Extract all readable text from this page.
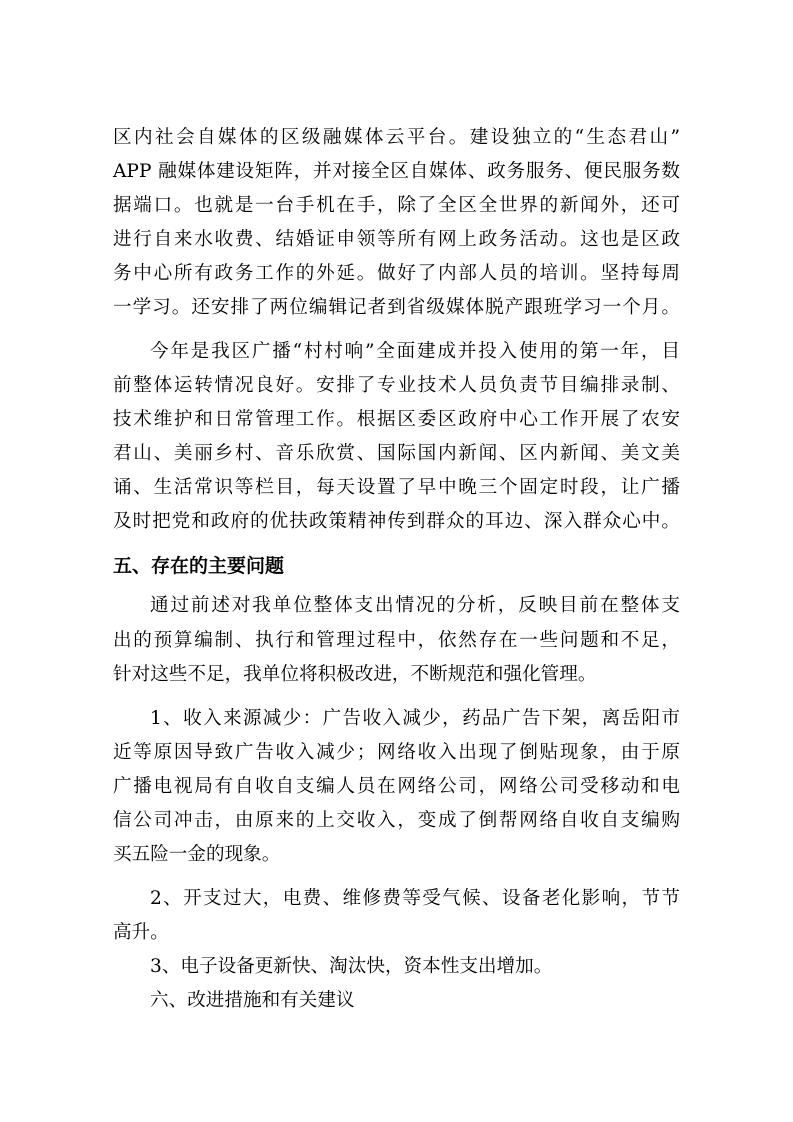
区内社会自媒体的区级融媒体云平台。建设独立的“生态君山”
APP 融媒体建设矩阵，并对接全区自媒体、政务服务、便民服务数
据端口。也就是一台手机在手，除了全区全世界的新闻外，还可
进行自来水收费、结婚证申领等所有网上政务活动。这也是区政
务中心所有政务工作的外延。做好了内部人员的培训。坚持每周
一学习。还安排了两位编辑记者到省级媒体脱产跟班学习一个月。
今年是我区广播“村村响”全面建成并投入使用的第一年，目
前整体运转情况良好。安排了专业技术人员负责节目编排录制、
技术维护和日常管理工作。根据区委区政府中心工作开展了农安
君山、美丽乡村、音乐欣赏、国际国内新闻、区内新闻、美文美
诵、生活常识等栏目，每天设置了早中晚三个固定时段，让广播
及时把党和政府的优扶政策精神传到群众的耳边、深入群众心中。
五、存在的主要问题
通过前述对我单位整体支出情况的分析，反映目前在整体支
出的预算编制、执行和管理过程中，依然存在一些问题和不足，
针对这些不足，我单位将积极改进，不断规范和强化管理。
1、收入来源减少：广告收入减少，药品广告下架，离岳阳市
近等原因导致广告收入减少；网络收入出现了倒贴现象，由于原
广播电视局有自收自支编人员在网络公司，网络公司受移动和电
信公司冲击，由原来的上交收入，变成了倒帮网络自收自支编购
买五险一金的现象。
2、开支过大，电费、维修费等受气候、设备老化影响，节节
高升。
3、电子设备更新快、淘汰快，资本性支出增加。
六、改进措施和有关建议
